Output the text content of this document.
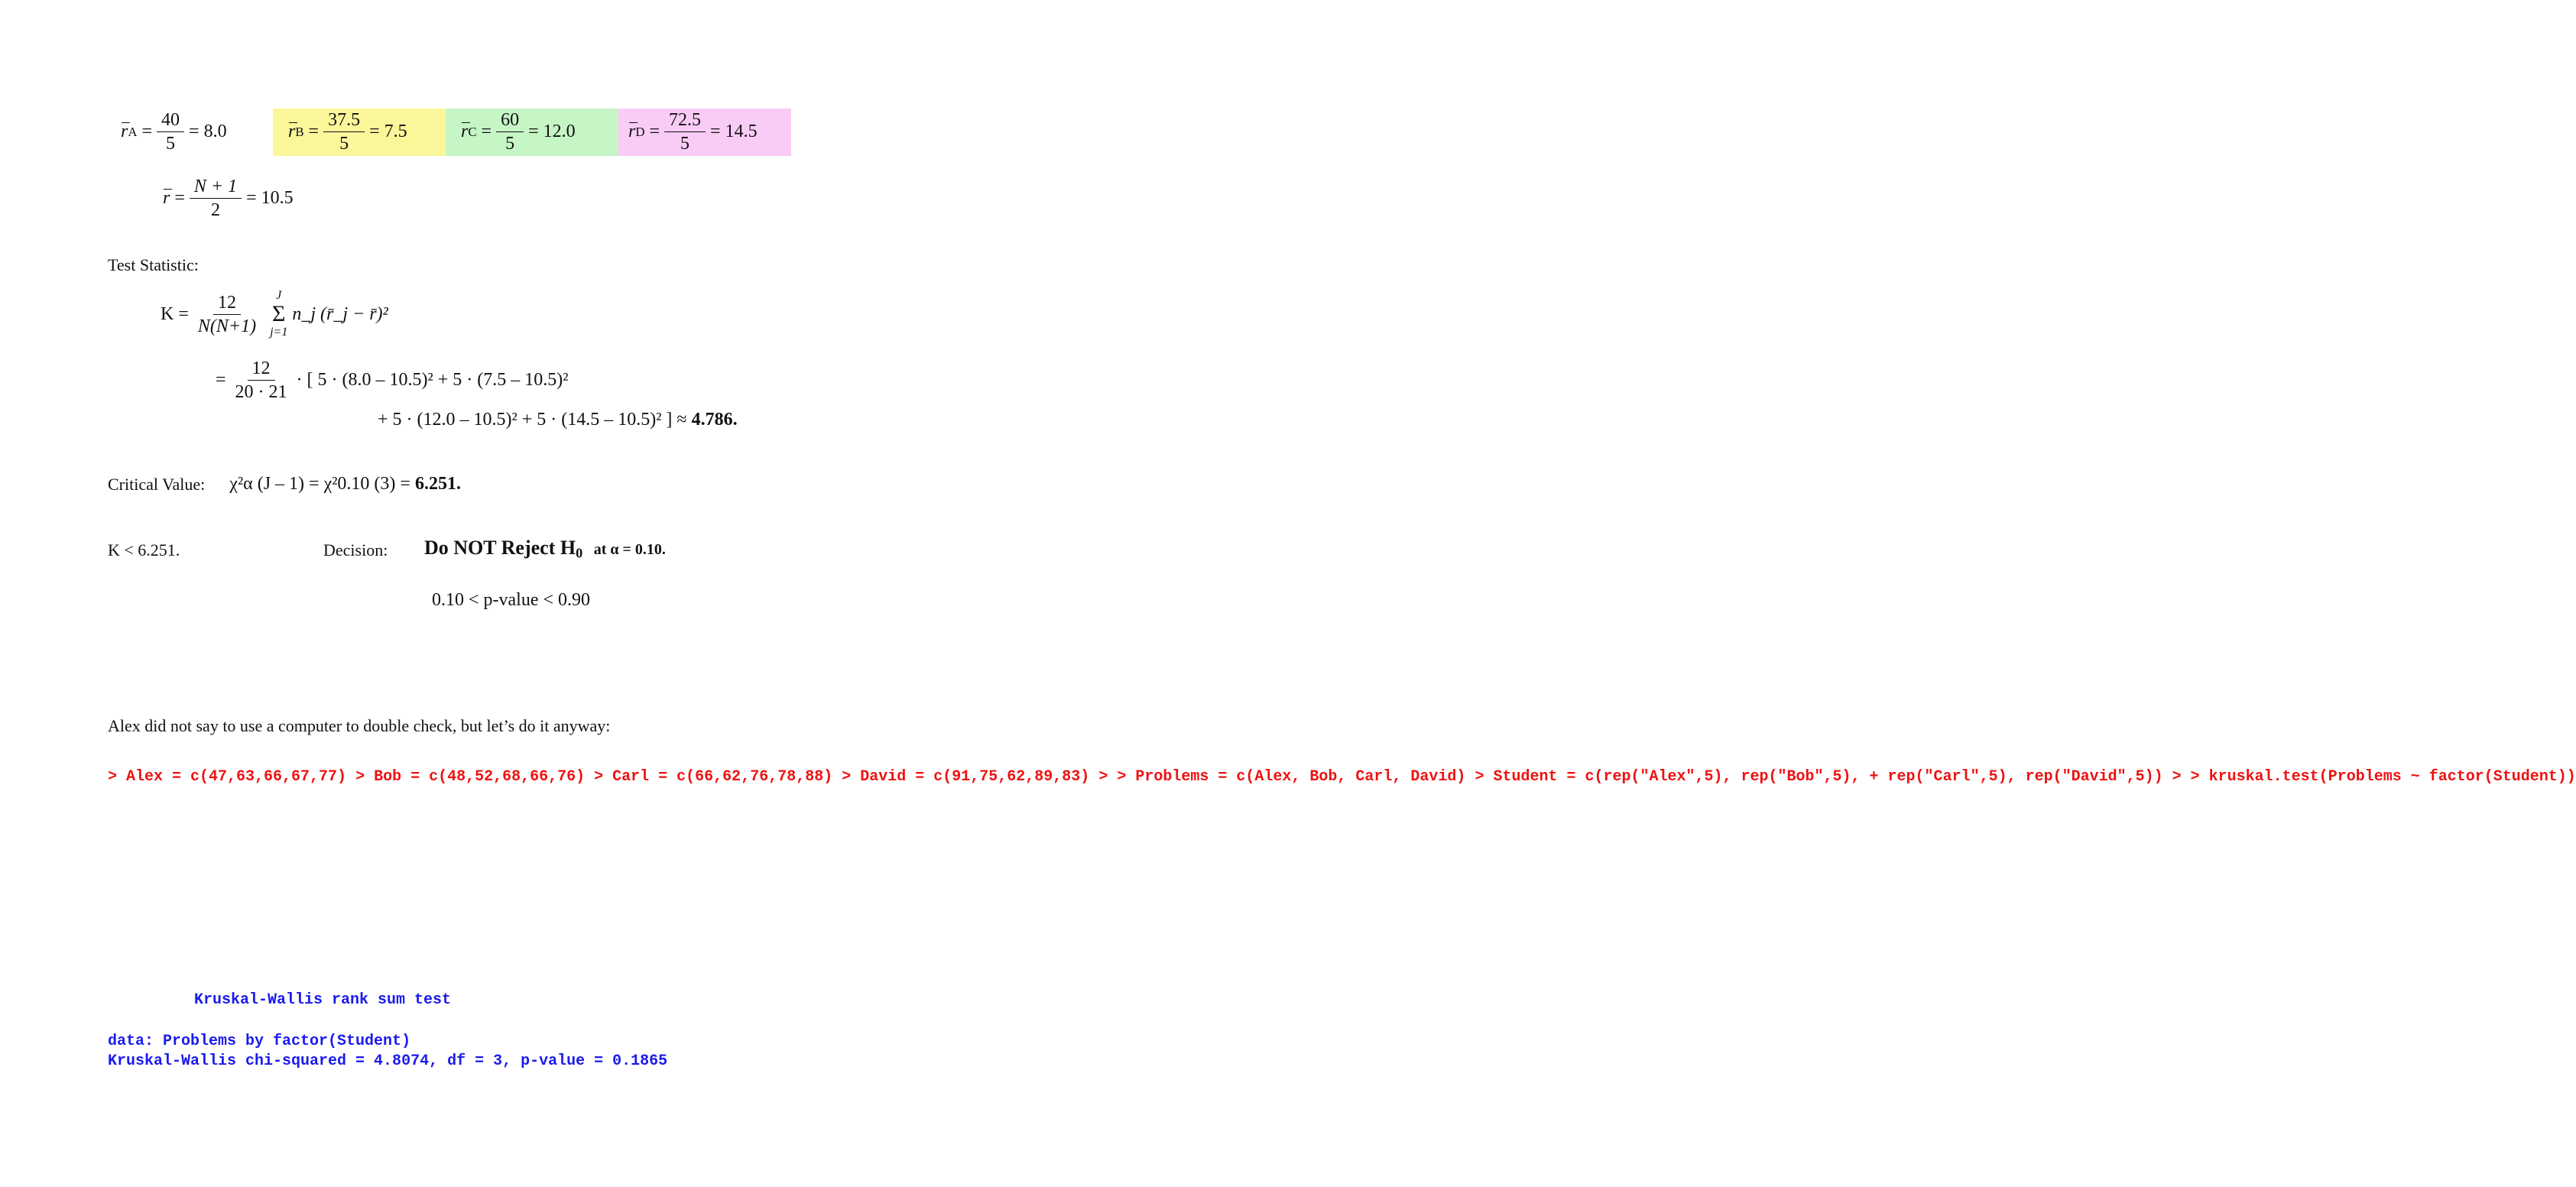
r $A = \frac{40}{5} = 8.0$	r $B = \frac{37.5}{5} = 7.5$	r $C = \frac{60}{5} = 12.0$	r $D = \frac{72.5}{5} = 14.5$
$r = \frac{N + 1}{2} = 10.5$
Test Statistic:
$K = \frac{12}{N(N+1)}$ J
Σ
j=1
n_j (r̄_j − r̄)²
= $\frac{12}{20 \cdot 21}$ · [ 5 · (8.0 – 10.5)² + 5 · (7.5 – 10.5)²
+ 5 · (12.0 – 10.5)² + 5 · (14.5 – 10.5)² ]
≈
4.786.
Critical Value: χ²α (J – 1) = χ²0.10 (3) =
6.251.
K < 6.251.	Decision: Do NOT Reject $H_0$ at α = 0.10.
0.10 < p-value < 0.90
Alex did not say to use a computer to double check, but let’s do it anyway:
> Alex = c(47,63,66,67,77) > Bob = c(48,52,68,66,76) > Carl = c(66,62,76,78,88) > David = c(91,75,62,89,83) > > Problems = c(Alex, Bob, Carl, David) > Student = c(rep("Alex",5), rep("Bob",5), + rep("Carl",5), rep("David",5)) > > kruskal.test(Problems ~ factor(Student))
Kruskal-Wallis rank sum test
data: Problems by factor(Student)
Kruskal-Wallis chi-squared = 4.8074, df = 3, p-value = 0.1865
